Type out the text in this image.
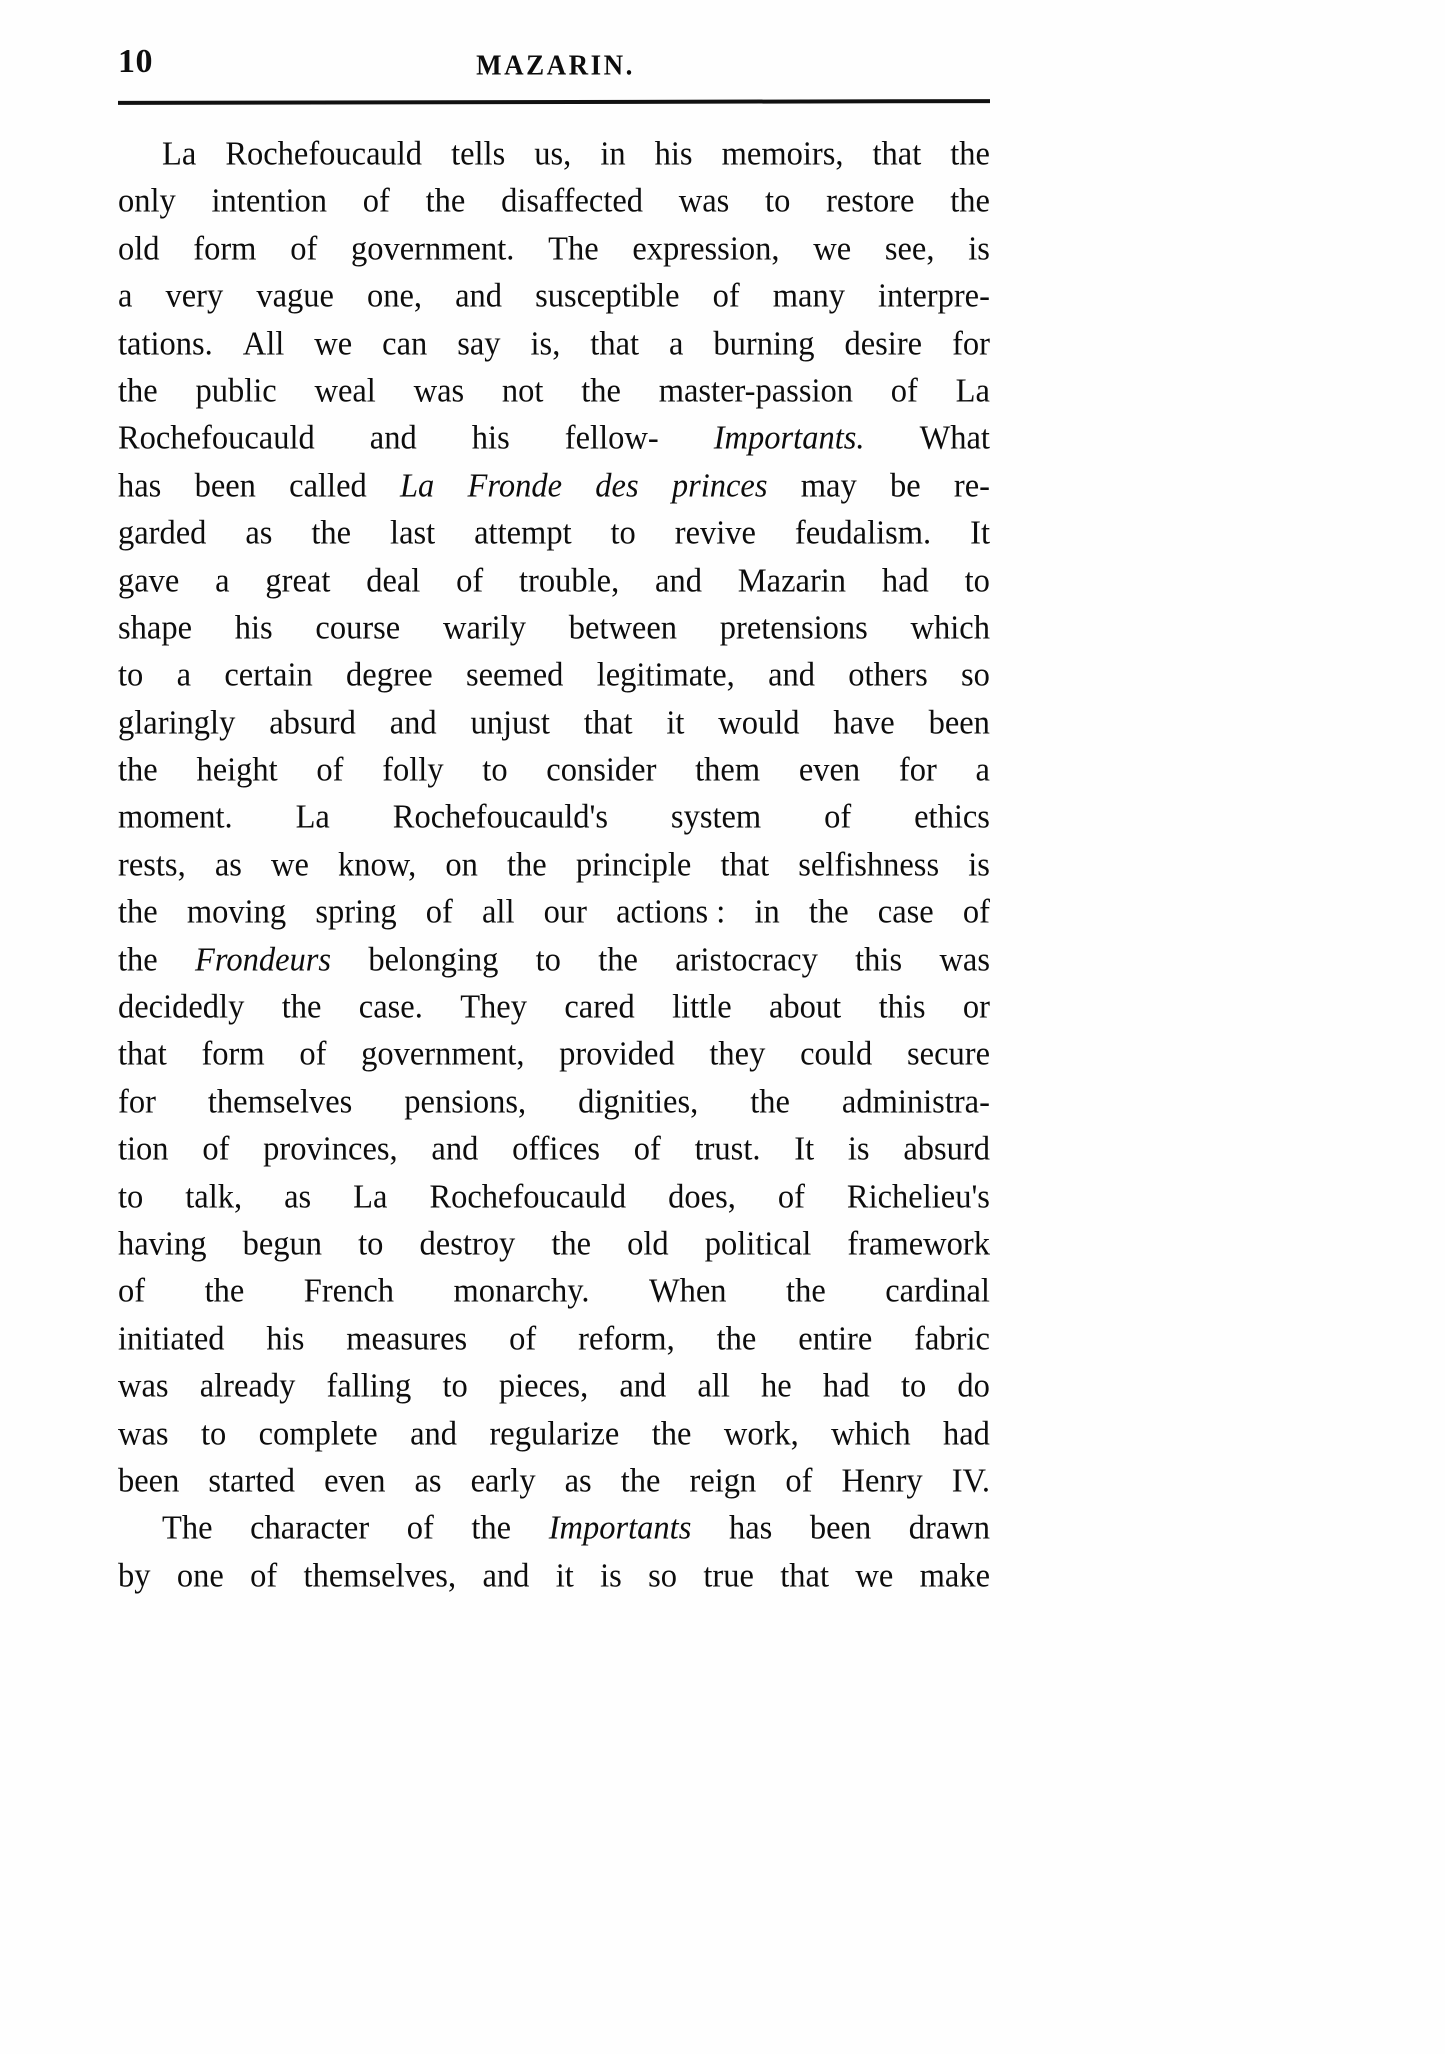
10	MAZARIN.
La Rochefoucauld tells us, in his memoirs, that the
only intention of the disaffected was to restore the
old form of government. The expression, we see, is
a very vague one, and susceptible of many interpre-
tations. All we can say is, that a burning desire for
the public weal was not the master-passion of La
Rochefoucauld and his fellow- Importants. What
has been called La Fronde des princes may be re-
garded as the last attempt to revive feudalism. It
gave a great deal of trouble, and Mazarin had to
shape his course warily between pretensions which
to a certain degree seemed legitimate, and others so
glaringly absurd and unjust that it would have been
the height of folly to consider them even for a
moment. La Rochefoucauld's system of ethics
rests, as we know, on the principle that selfishness is
the moving spring of all our actions : in the case of
the Frondeurs belonging to the aristocracy this was
decidedly the case. They cared little about this or
that form of government, provided they could secure
for themselves pensions, dignities, the administra-
tion of provinces, and offices of trust. It is absurd
to talk, as La Rochefoucauld does, of Richelieu's
having begun to destroy the old political framework
of the French monarchy. When the cardinal
initiated his measures of reform, the entire fabric
was already falling to pieces, and all he had to do
was to complete and regularize the work, which had
been started even as early as the reign of Henry IV.
The character of the Importants has been drawn
by one of themselves, and it is so true that we make
